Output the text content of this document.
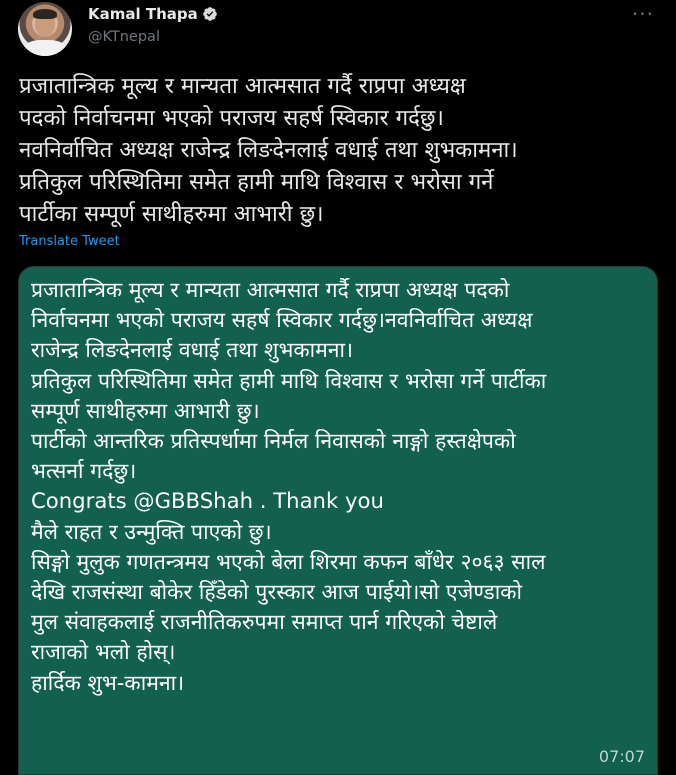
Kamal Thapa
@KTnepal
···
प्रजातान्त्रिक मूल्य र मान्यता आत्मसात गर्दै राप्रपा अध्यक्ष
पदको निर्वाचनमा भएको पराजय सहर्ष स्विकार गर्दछु।
नवनिर्वाचित अध्यक्ष राजेन्द्र लिङदेनलाई वधाई तथा शुभकामना।
प्रतिकुल परिस्थितिमा समेत हामी माथि विश्वास र भरोसा गर्ने
पार्टीका सम्पूर्ण साथीहरुमा आभारी छु।
Translate Tweet
प्रजातान्त्रिक मूल्य र मान्यता आत्मसात गर्दै राप्रपा अध्यक्ष पदको
निर्वाचनमा भएको पराजय सहर्ष स्विकार गर्दछु।नवनिर्वाचित अध्यक्ष
राजेन्द्र लिङदेनलाई वधाई तथा शुभकामना।
प्रतिकुल परिस्थितिमा समेत हामी माथि विश्वास र भरोसा गर्ने पार्टीका
सम्पूर्ण साथीहरुमा आभारी छु।
पार्टीको आन्तरिक प्रतिस्पर्धामा निर्मल निवासको नाङ्गो हस्तक्षेपको
भत्सर्ना गर्दछु।
Congrats @GBBShah . Thank you
मैले राहत र उन्मुक्ति पाएको छु।
सिङ्गो मुलुक गणतन्त्रमय भएको बेला शिरमा कफन बाँधेर २०६३ साल
देखि राजसंस्था बोकेर हिँडेको पुरस्कार आज पाईयो।सो एजेण्डाको
मुल संवाहकलाई राजनीतिकरुपमा समाप्त पार्न गरिएको चेष्टाले
राजाको भलो होस्।
हार्दिक शुभ-कामना।
07:07
